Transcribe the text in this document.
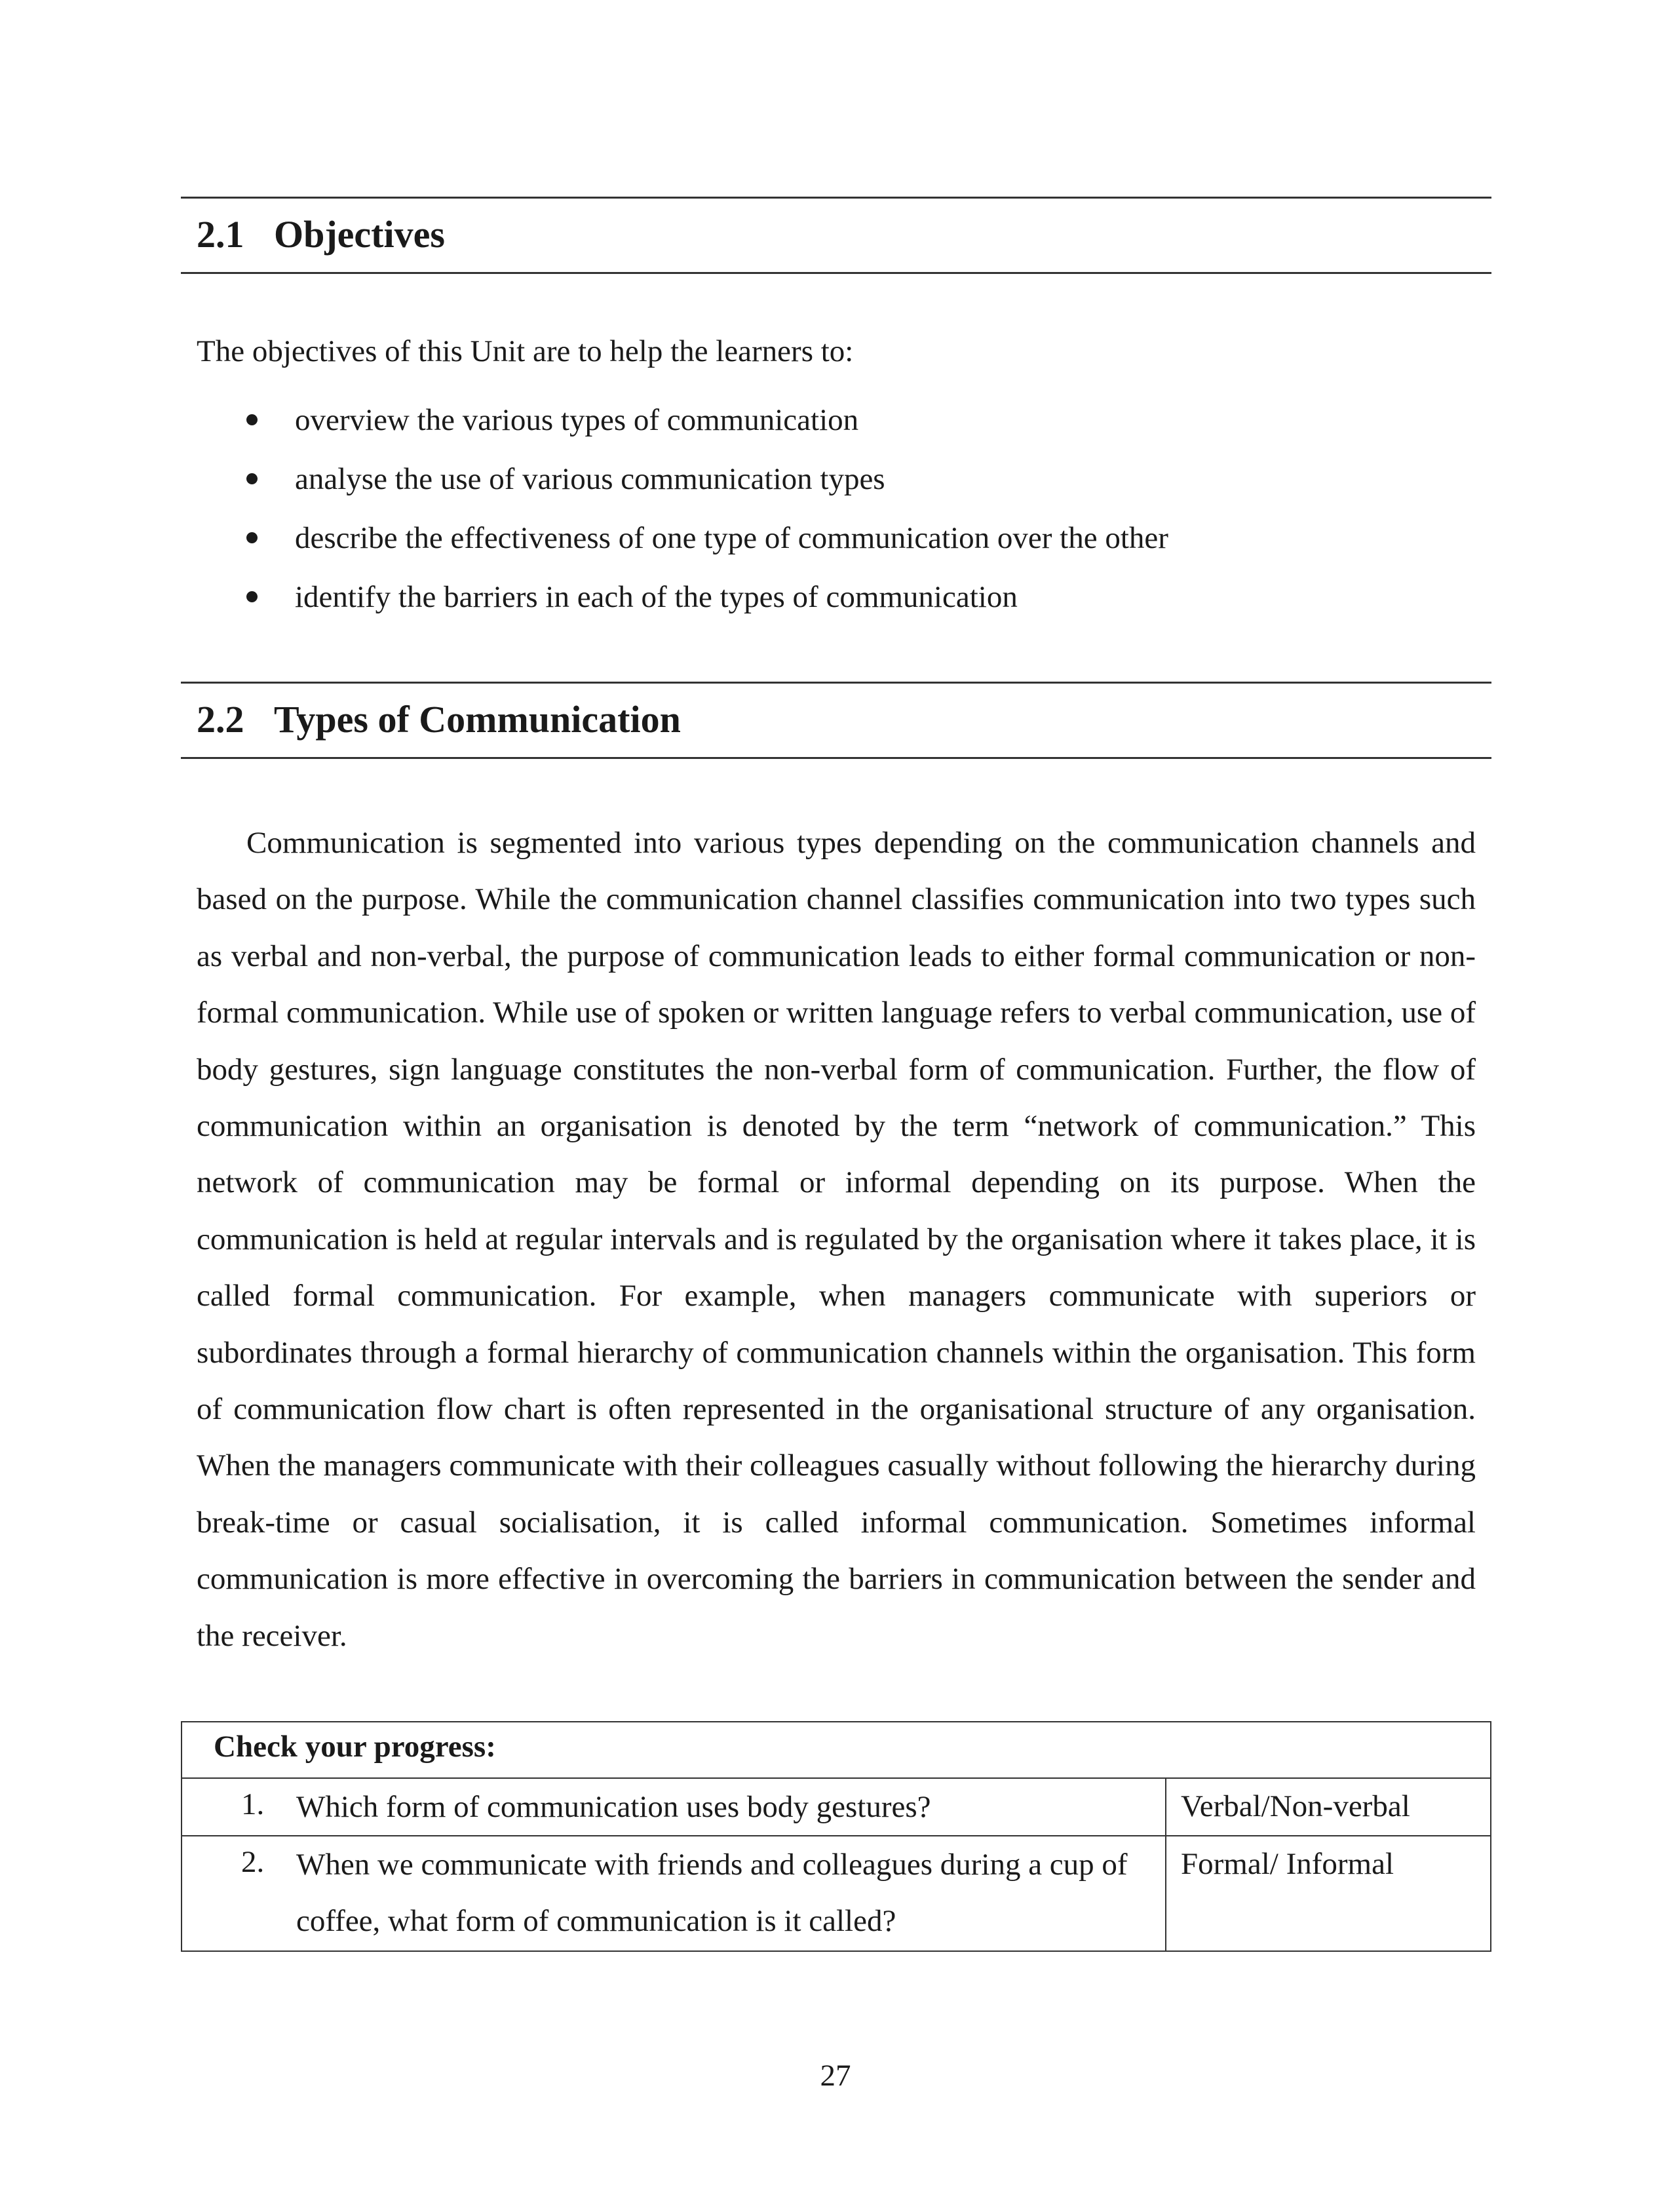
2.1 Objectives
The objectives of this Unit are to help the learners to:
overview the various types of communication
analyse the use of various communication types
describe the effectiveness of one type of communication over the other
identify the barriers in each of the types of communication
2.2 Types of Communication

Communication is segmented into various types depending on the communication channels and based on the purpose. While the communication channel classifies communication into two types such as verbal and non-verbal, the purpose of communication leads to either formal communication or non-formal communication. While use of spoken or written language refers to verbal communication, use of body gestures, sign language constitutes the non-verbal form of communication. Further, the flow of communication within an organisation is denoted by the term “network of communication.” This network of communication may be formal or informal depending on its purpose. When the communication is held at regular intervals and is regulated by the organisation where it takes place, it is called formal communication. For example, when managers communicate with superiors or subordinates through a formal hierarchy of communication channels within the organisation. This form of communication flow chart is often represented in the organisational structure of any organisation. When the managers communicate with their colleagues casually without following the hierarchy during break-time or casual socialisation, it is called informal communication. Sometimes informal communication is more effective in overcoming the barriers in communication between the sender and the receiver.

Check your progress:	

1. Which form of communication uses body gestures?	Verbal/Non-verbal

2. When we communicate with friends and colleagues during a cup of coffee, what form of communication is it called?	Formal/ Informal
27
